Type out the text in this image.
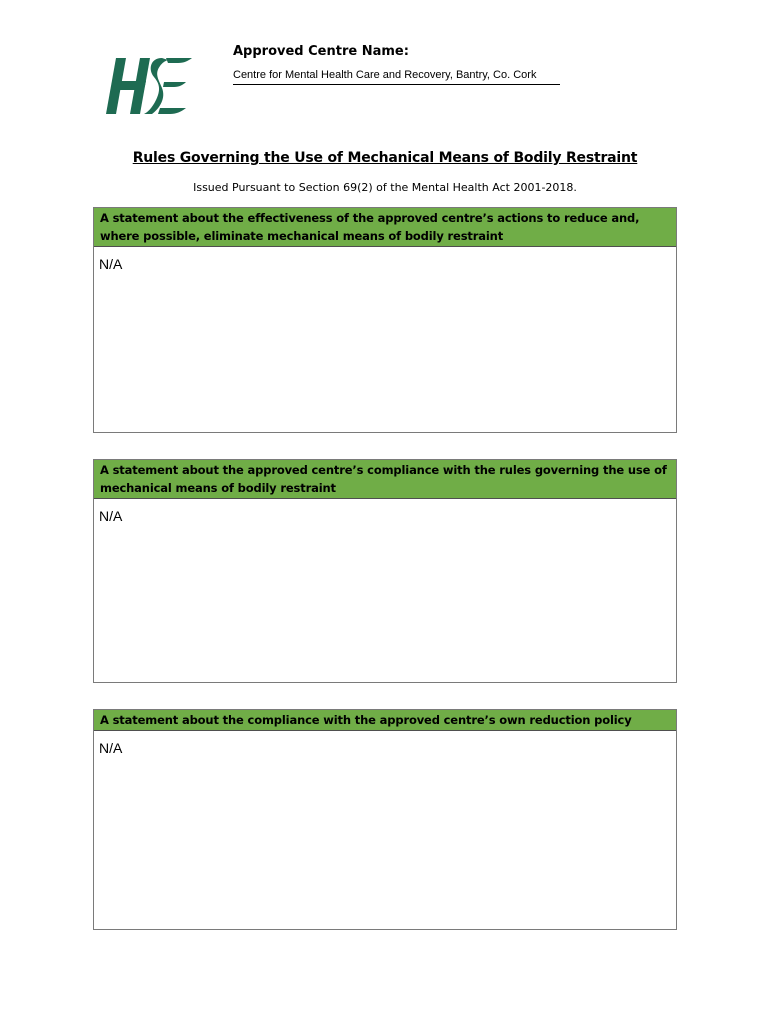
Approved Centre Name:
Centre for Mental Health Care and Recovery, Bantry, Co. Cork
Rules Governing the Use of Mechanical Means of Bodily Restraint
Issued Pursuant to Section 69(2) of the Mental Health Act 2001-2018.
A statement about the effectiveness of the approved centre’s actions to reduce and, where possible, eliminate mechanical means of bodily restraint
N/A
A statement about the approved centre’s compliance with the rules governing the use of mechanical means of bodily restraint
N/A
A statement about the compliance with the approved centre’s own reduction policy
N/A
